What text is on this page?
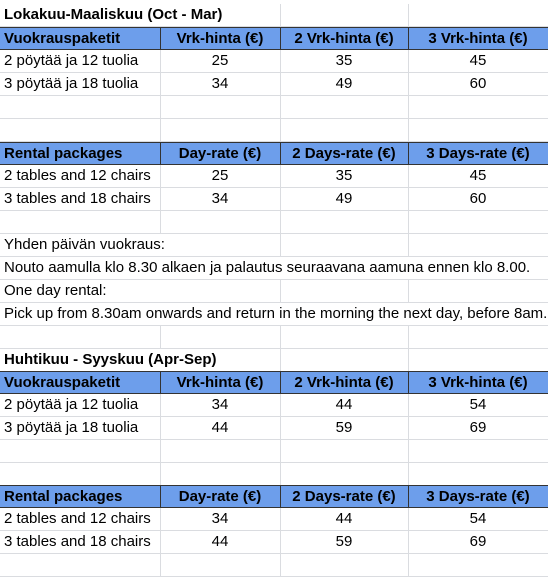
Lokakuu-Maaliskuu (Oct - Mar)
Vuokrauspaketit	Vrk-hinta (€)	2 Vrk-hinta (€)	3 Vrk-hinta (€)
2 pöytää ja 12 tuolia	25	35	45
3 pöytää ja 18 tuolia	34	49	60
Rental packages	Day-rate (€)	2 Days-rate (€)	3 Days-rate (€)
2 tables and 12 chairs	25	35	45
3 tables and 18 chairs	34	49	60
Yhden päivän vuokraus:
Nouto aamulla klo 8.30 alkaen ja palautus seuraavana aamuna ennen klo 8.00.
One day rental:
Pick up from 8.30am onwards and return in the morning the next day, before 8am.
Huhtikuu - Syyskuu (Apr-Sep)
Vuokrauspaketit	Vrk-hinta (€)	2 Vrk-hinta (€)	3 Vrk-hinta (€)
2 pöytää ja 12 tuolia	34	44	54
3 pöytää ja 18 tuolia	44	59	69
Rental packages	Day-rate (€)	2 Days-rate (€)	3 Days-rate (€)
2 tables and 12 chairs	34	44	54
3 tables and 18 chairs	44	59	69
